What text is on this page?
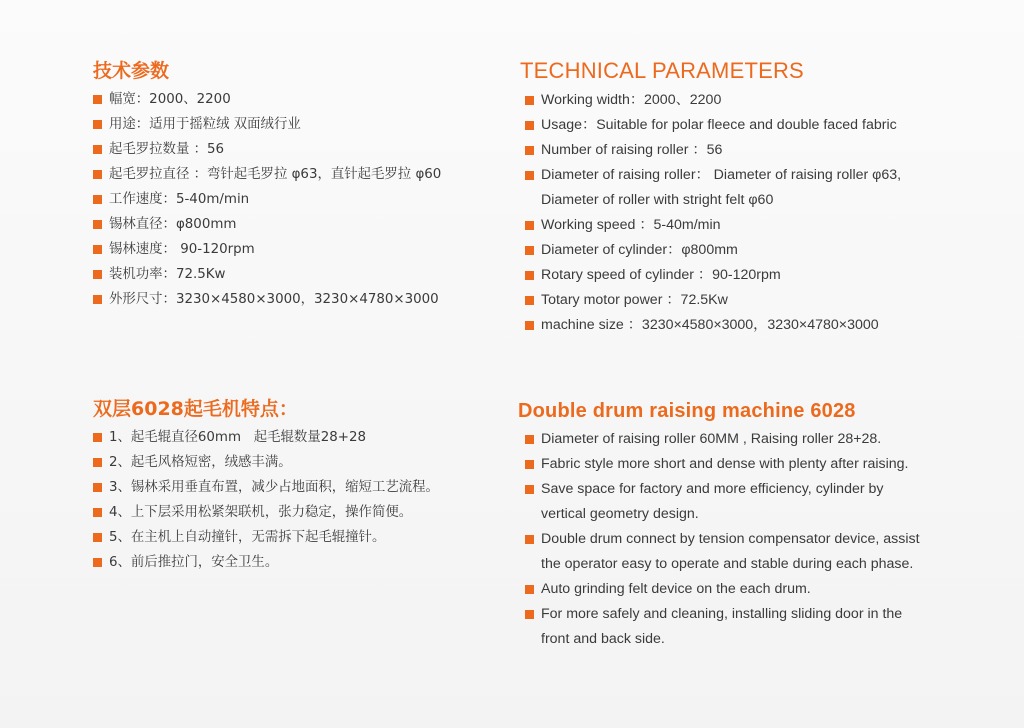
技术参数
幅宽：2000、2200
用途：适用于摇粒绒 双面绒行业
起毛罗拉数量 ：56
起毛罗拉直径 ：弯针起毛罗拉 φ63，直针起毛罗拉 φ60
工作速度：5-40m/min
锡林直径：φ800mm
锡林速度： 90-120rpm
装机功率：72.5Kw
外形尺寸：3230×4580×3000，3230×4780×3000
TECHNICAL PARAMETERS
Working width：2000、2200
Usage：Suitable for polar fleece and double faced fabric
Number of raising roller ：56
Diameter of raising roller： Diameter of raising roller φ63, Diameter of roller with stright felt φ60
Working speed ：5-40m/min
Diameter of cylinder：φ800mm
Rotary speed of cylinder ：90-120rpm
Totary motor power ：72.5Kw
machine size ：3230×4580×3000，3230×4780×3000
双层6028起毛机特点：
1、起毛辊直径60mm   起毛辊数量28+28
2、起毛风格短密，绒感丰满。
3、锡林采用垂直布置，减少占地面积，缩短工艺流程。
4、上下层采用松紧架联机，张力稳定，操作简便。
5、在主机上自动撞针，无需拆下起毛辊撞针。
6、前后推拉门，安全卫生。
Double drum raising machine 6028
Diameter of raising roller 60MM , Raising roller 28+28.
Fabric style more short and dense with plenty after raising.
Save space for factory and more efficiency, cylinder by vertical geometry design.
Double drum connect by tension compensator device, assist the operator easy to operate and stable during each phase.
Auto grinding felt device on the each drum.
For more safely and cleaning, installing sliding door in the front and back side.
